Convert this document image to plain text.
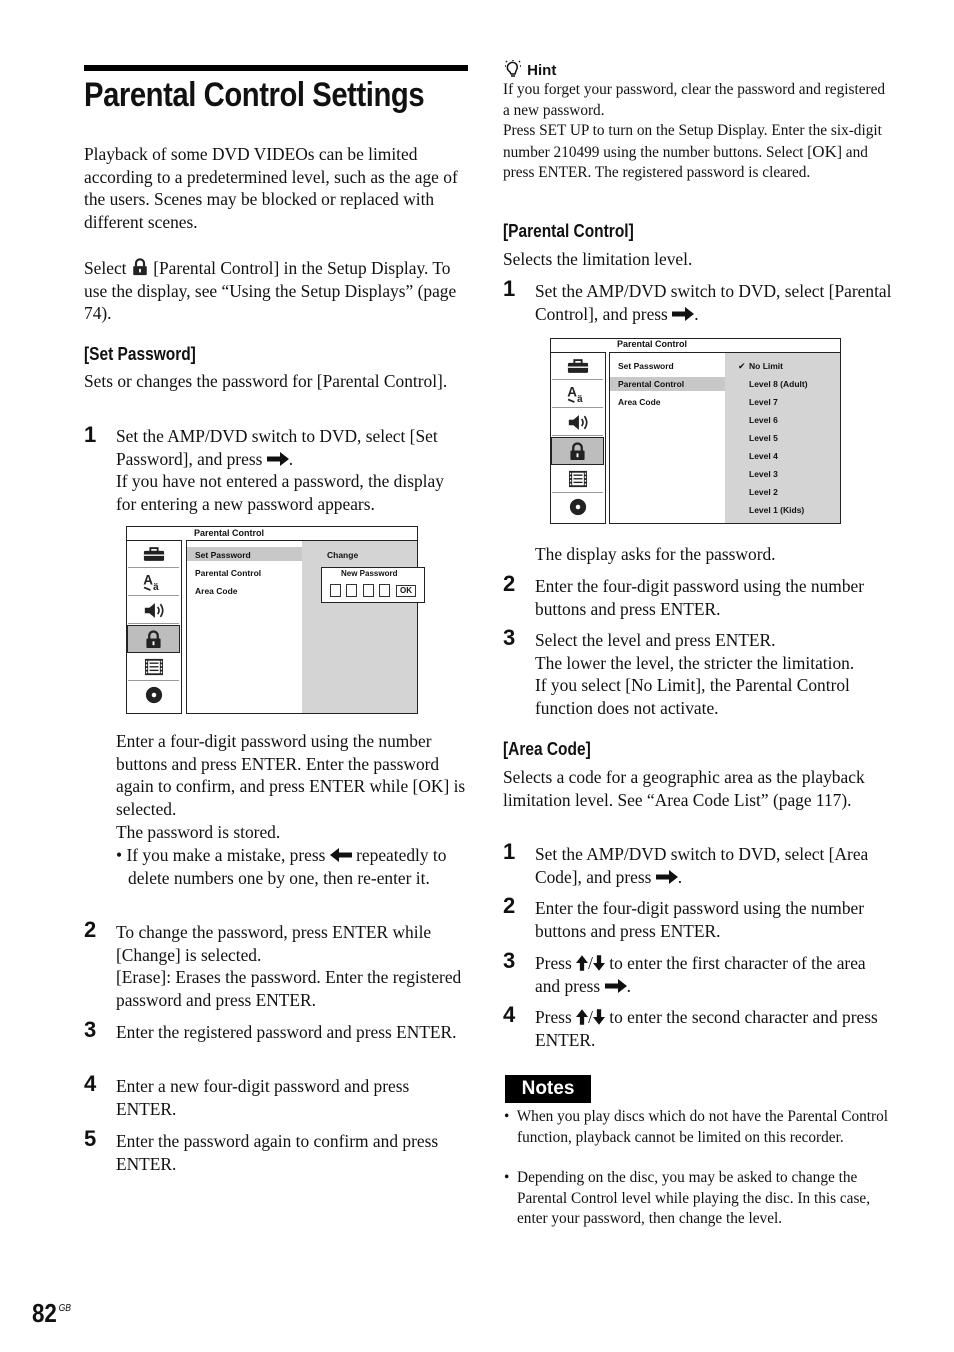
Parental Control Settings

Playback of some DVD VIDEOs can be limited according to a predetermined level, such as the age of the users. Scenes may be blocked or replaced with different scenes.

Select [Parental Control] in the Setup Display. To use the display, see “Using the Setup Displays” (page 74).

[Set Password]

Sets or changes the password for [Parental Control].

1 Set the AMP/DVD switch to DVD, select [Set Password], and press .
If you have not entered a password, the display for entering a new password appears.

Parental Control
Set Password
Parental Control
Area Code
Change
New Password
OK

Enter a four-digit password using the number buttons and press ENTER. Enter the password again to confirm, and press ENTER while [OK] is selected.
The password is stored.

• If you make a mistake, press repeatedly to delete numbers one by one, then re-enter it.

2 To change the password, press ENTER while [Change] is selected.
[Erase]: Erases the password. Enter the registered password and press ENTER.

3 Enter the registered password and press ENTER.

4 Enter a new four-digit password and press ENTER.

5 Enter the password again to confirm and press ENTER.

Hint

If you forget your password, clear the password and registered a new password.
Press SET UP to turn on the Setup Display. Enter the six-digit number 210499 using the number buttons. Select [OK] and press ENTER. The registered password is cleared.

[Parental Control]

Selects the limitation level.

1 Set the AMP/DVD switch to DVD, select [Parental Control], and press .

Parental Control
Set Password
Parental Control
Area Code
✔ No Limit
Level 8 (Adult)
Level 7
Level 6
Level 5
Level 4
Level 3
Level 2
Level 1 (Kids)

The display asks for the password.

2 Enter the four-digit password using the number buttons and press ENTER.

3 Select the level and press ENTER.
The lower the level, the stricter the limitation.
If you select [No Limit], the Parental Control function does not activate.

[Area Code]

Selects a code for a geographic area as the playback limitation level. See “Area Code List” (page 117).

1 Set the AMP/DVD switch to DVD, select [Area Code], and press .

2 Enter the four-digit password using the number buttons and press ENTER.

3 Press / to enter the first character of the area and press .

4 Press / to enter the second character and press ENTER.

Notes

•  When you play discs which do not have the Parental Control function, playback cannot be limited on this recorder.

•  Depending on the disc, you may be asked to change the Parental Control level while playing the disc. In this case, enter your password, then change the level.

82 $^{GB}$
